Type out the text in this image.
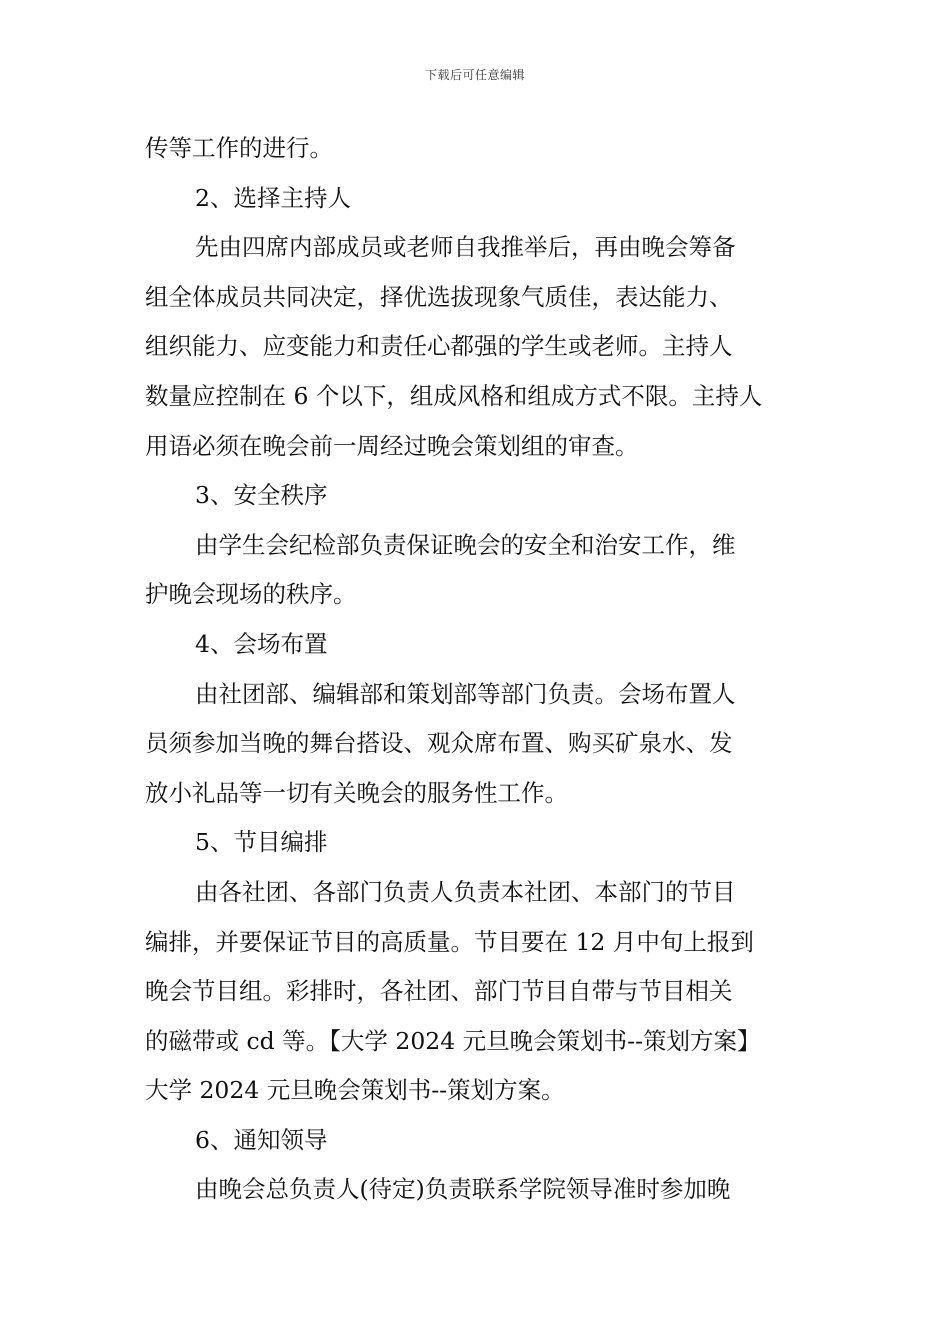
下载后可任意编辑
传等工作的进行。
2、选择主持人
先由四席内部成员或老师自我推举后，再由晚会筹备
组全体成员共同决定，择优选拔现象气质佳，表达能力、
组织能力、应变能力和责任心都强的学生或老师。主持人
数量应控制在 6 个以下，组成风格和组成方式不限。主持人
用语必须在晚会前一周经过晚会策划组的审查。
3、安全秩序
由学生会纪检部负责保证晚会的安全和治安工作，维
护晚会现场的秩序。
4、会场布置
由社团部、编辑部和策划部等部门负责。会场布置人
员须参加当晚的舞台搭设、观众席布置、购买矿泉水、发
放小礼品等一切有关晚会的服务性工作。
5、节目编排
由各社团、各部门负责人负责本社团、本部门的节目
编排，并要保证节目的高质量。节目要在 12 月中旬上报到
晚会节目组。彩排时，各社团、部门节目自带与节目相关
的磁带或 cd 等。【大学 2024 元旦晚会策划书--策划方案】
大学 2024 元旦晚会策划书--策划方案。
6、通知领导
由晚会总负责人(待定)负责联系学院领导准时参加晚
